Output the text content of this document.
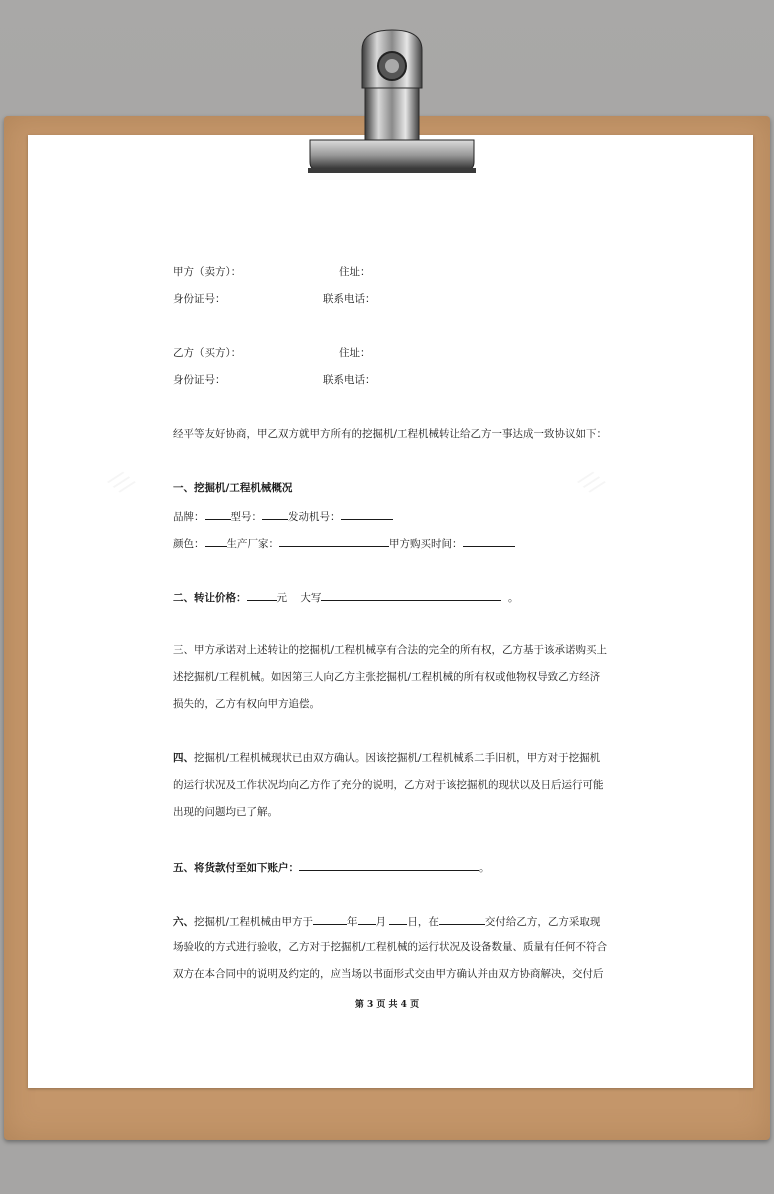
∕∕∕	∕∕∕
甲方（卖方）：	住址：
身份证号：	联系电话：
乙方（买方）：	住址：
身份证号：	联系电话：
经平等友好协商，甲乙双方就甲方所有的挖掘机/工程机械转让给乙方一事达成一致协议如下：
一、挖掘机/工程机械概况
品牌： 型号： 发动机号：
颜色： 生产厂家：	甲方购买时间：
二、转让价格：	元 大写	。
三、甲方承诺对上述转让的挖掘机/工程机械享有合法的完全的所有权，乙方基于该承诺购买上
述挖掘机/工程机械。如因第三人向乙方主张挖掘机/工程机械的所有权或他物权导致乙方经济
损失的，乙方有权向甲方追偿。
四、挖掘机/工程机械现状已由双方确认。因该挖掘机/工程机械系二手旧机，甲方对于挖掘机
的运行状况及工作状况均向乙方作了充分的说明，乙方对于该挖掘机的现状以及日后运行可能
出现的问题均已了解。
五、将货款付至如下账户：	。
六、挖掘机/工程机械由甲方于	年 月 日，在	交付给乙方，乙方采取现
场验收的方式进行验收，乙方对于挖掘机/工程机械的运行状况及设备数量、质量有任何不符合
双方在本合同中的说明及约定的，应当场以书面形式交由甲方确认并由双方协商解决，交付后
第 3 页 共 4 页
